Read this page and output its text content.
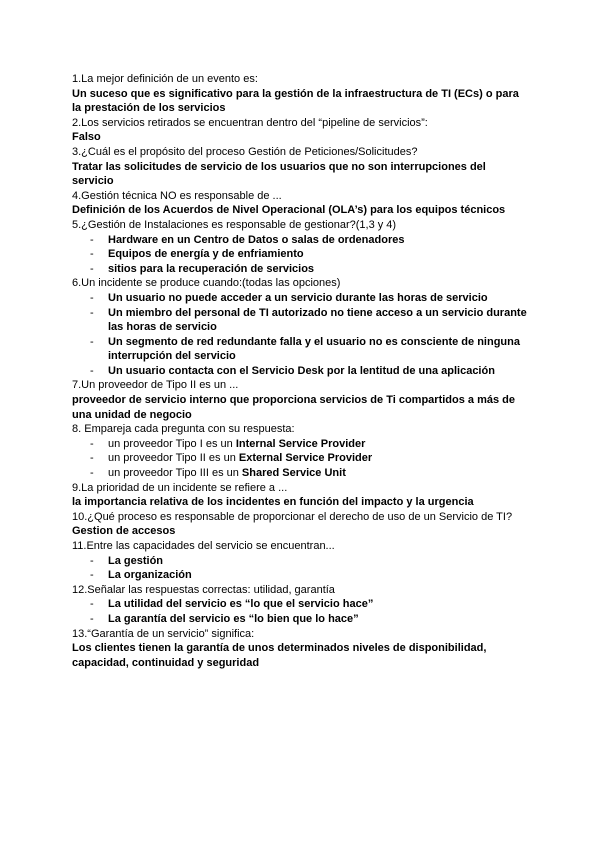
1.La mejor definición de un evento es:
Un suceso que es significativo para la gestión de la infraestructura de TI (ECs) o para la prestación de los servicios
2.Los servicios retirados se encuentran dentro del “pipeline de servicios”:
Falso
3.¿Cuál es el propósito del proceso Gestión de Peticiones/Solicitudes?
Tratar las solicitudes de servicio de los usuarios que no son interrupciones del servicio
4.Gestión técnica NO es responsable de ...
Definición de los Acuerdos de Nivel Operacional (OLA’s) para los equipos técnicos
5.¿Gestión de Instalaciones es responsable de gestionar?(1,3 y 4)
- Hardware en un Centro de Datos o salas de ordenadores
- Equipos de energía y de enfriamiento
- sitios para la recuperación de servicios
6.Un incidente se produce cuando:(todas las opciones)
- Un usuario no puede acceder a un servicio durante las horas de servicio
- Un miembro del personal de TI autorizado no tiene acceso a un servicio durante las horas de servicio
- Un segmento de red redundante falla y el usuario no es consciente de ninguna interrupción del servicio
- Un usuario contacta con el Servicio Desk por la lentitud de una aplicación
7.Un proveedor de Tipo II es un ...
proveedor de servicio interno que proporciona servicios de Ti compartidos a más de una unidad de negocio
8. Empareja cada pregunta con su respuesta:
- un proveedor Tipo I es un Internal Service Provider
- un proveedor Tipo II es un External Service Provider
- un proveedor Tipo III es un Shared Service Unit
9.La prioridad de un incidente se refiere a ...
la importancia relativa de los incidentes en función del impacto y la urgencia
10.¿Qué proceso es responsable de proporcionar el derecho de uso de un Servicio de TI?
Gestion de accesos
11.Entre las capacidades del servicio se encuentran...
- La gestión
- La organización
12.Señalar las respuestas correctas: utilidad, garantía
- La utilidad del servicio es “lo que el servicio hace”
- La garantía del servicio es “lo bien que lo hace”
13.“Garantía de un servicio” significa:
Los clientes tienen la garantía de unos determinados niveles de disponibilidad, capacidad, continuidad y seguridad
